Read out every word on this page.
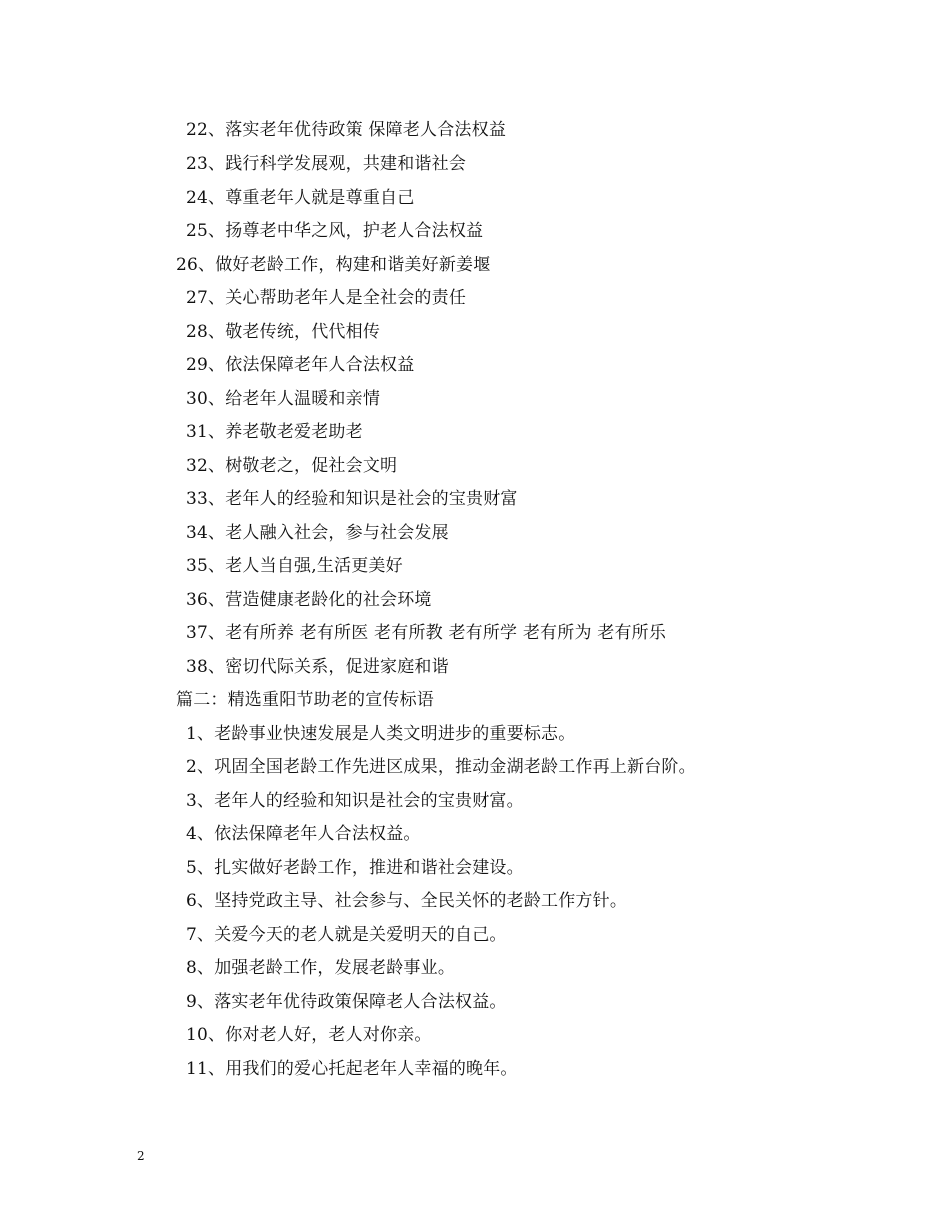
22、落实老年优待政策 保障老人合法权益
23、践行科学发展观，共建和谐社会
24、尊重老年人就是尊重自己
25、扬尊老中华之风，护老人合法权益
26、做好老龄工作，构建和谐美好新姜堰
27、关心帮助老年人是全社会的责任
28、敬老传统，代代相传
29、依法保障老年人合法权益
30、给老年人温暖和亲情
31、养老敬老爱老助老
32、树敬老之，促社会文明
33、老年人的经验和知识是社会的宝贵财富
34、老人融入社会，参与社会发展
35、老人当自强,生活更美好
36、营造健康老龄化的社会环境
37、老有所养 老有所医 老有所教 老有所学 老有所为 老有所乐
38、密切代际关系，促进家庭和谐
篇二：精选重阳节助老的宣传标语
1、老龄事业快速发展是人类文明进步的重要标志。
2、巩固全国老龄工作先进区成果，推动金湖老龄工作再上新台阶。
3、老年人的经验和知识是社会的宝贵财富。
4、依法保障老年人合法权益。
5、扎实做好老龄工作，推进和谐社会建设。
6、坚持党政主导、社会参与、全民关怀的老龄工作方针。
7、关爱今天的老人就是关爱明天的自己。
8、加强老龄工作，发展老龄事业。
9、落实老年优待政策保障老人合法权益。
10、你对老人好，老人对你亲。
11、用我们的爱心托起老年人幸福的晚年。
2
